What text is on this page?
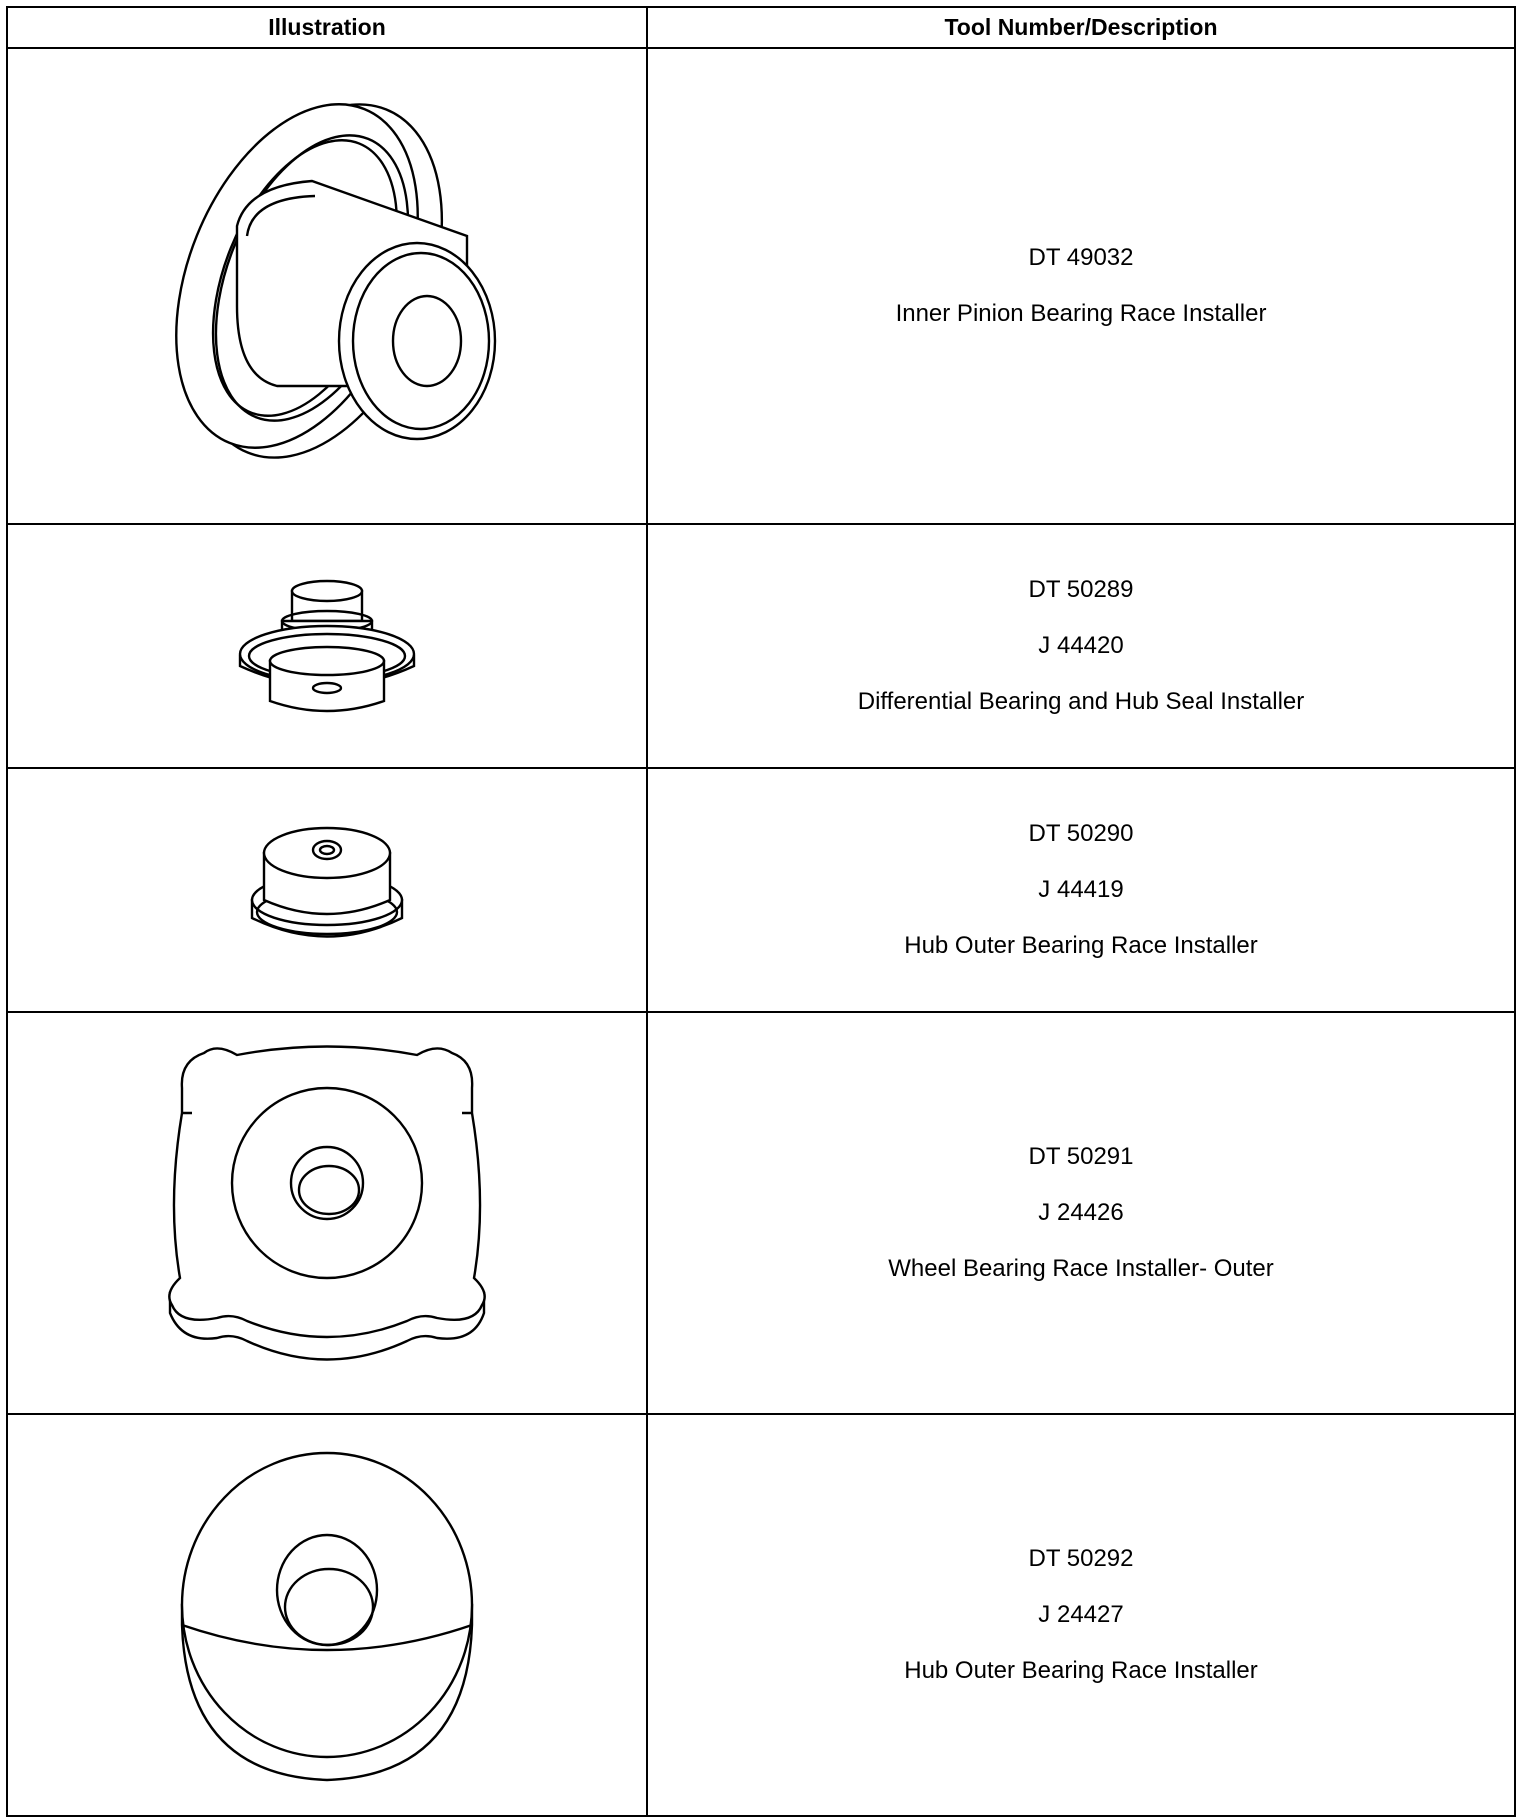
Illustration	Tool Number/Description

DT 49032
Inner Pinion Bearing Race Installer

DT 50289
J 44420
Differential Bearing and Hub Seal Installer

DT 50290
J 44419
Hub Outer Bearing Race Installer

DT 50291
J 24426
Wheel Bearing Race Installer- Outer

DT 50292
J 24427
Hub Outer Bearing Race Installer
